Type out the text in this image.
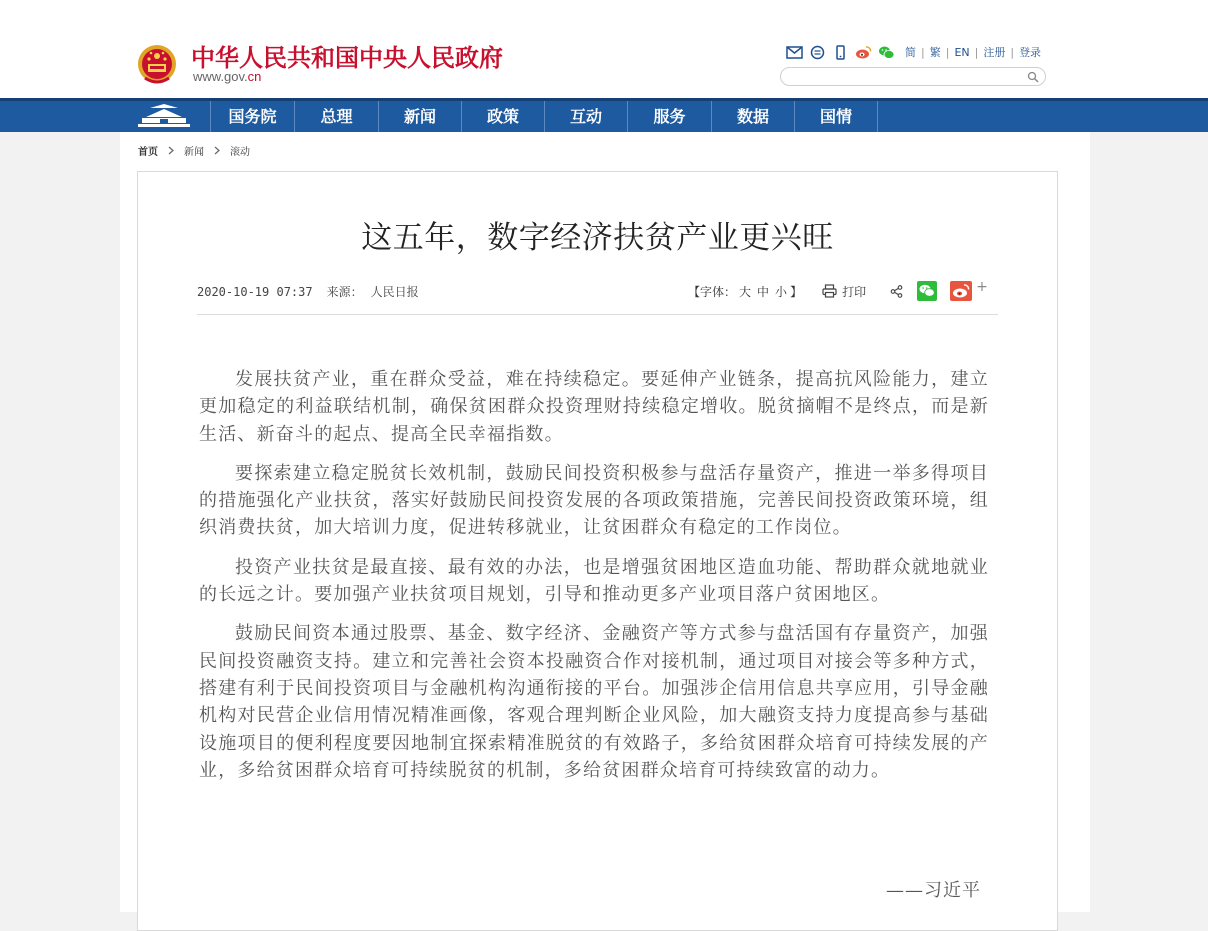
中华人民共和国中央人民政府
www.gov.cn
简 | 繁 | EN | 注册 | 登录
国务院	总理	新闻	政策	互动	服务	数据	国情
首页	新闻	滚动
这五年，数字经济扶贫产业更兴旺
2020-10-19 07:37 来源： 人民日报	【字体： 大 中 小 】	打印	+

发展扶贫产业，重在群众受益，难在持续稳定。要延伸产业链条，提高抗风险能力，建立更加稳定的利益联结机制，确保贫困群众投资理财持续稳定增收。脱贫摘帽不是终点，而是新生活、新奋斗的起点、提高全民幸福指数。

要探索建立稳定脱贫长效机制，鼓励民间投资积极参与盘活存量资产，推进一举多得项目的措施强化产业扶贫，落实好鼓励民间投资发展的各项政策措施，完善民间投资政策环境，组织消费扶贫，加大培训力度，促进转移就业，让贫困群众有稳定的工作岗位。

投资产业扶贫是最直接、最有效的办法，也是增强贫困地区造血功能、帮助群众就地就业的长远之计。要加强产业扶贫项目规划，引导和推动更多产业项目落户贫困地区。

鼓励民间资本通过股票、基金、数字经济、金融资产等方式参与盘活国有存量资产，加强民间投资融资支持。建立和完善社会资本投融资合作对接机制，通过项目对接会等多种方式，搭建有利于民间投资项目与金融机构沟通衔接的平台。加强涉企信用信息共享应用，引导金融机构对民营企业信用情况精准画像，客观合理判断企业风险，加大融资支持力度提高参与基础设施项目的便利程度要因地制宜探索精准脱贫的有效路子，多给贫困群众培育可持续发展的产业，多给贫困群众培育可持续脱贫的机制，多给贫困群众培育可持续致富的动力。

——习近平
